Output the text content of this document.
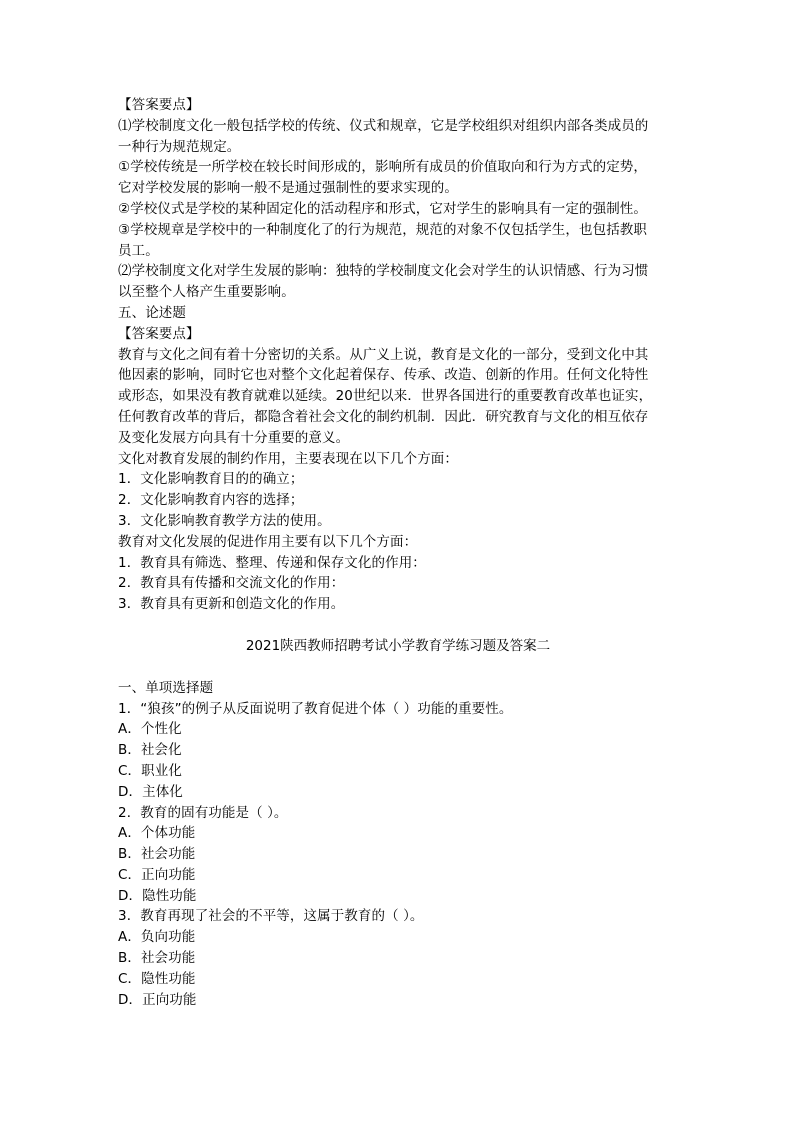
【答案要点】
⑴学校制度文化一般包括学校的传统、仪式和规章，它是学校组织对组织内部各类成员的
一种行为规范规定。
①学校传统是一所学校在较长时间形成的，影响所有成员的价值取向和行为方式的定势，
它对学校发展的影响一般不是通过强制性的要求实现的。
②学校仪式是学校的某种固定化的活动程序和形式，它对学生的影响具有一定的强制性。
③学校规章是学校中的一种制度化了的行为规范，规范的对象不仅包括学生，也包括教职
员工。
⑵学校制度文化对学生发展的影响：独特的学校制度文化会对学生的认识情感、行为习惯
以至整个人格产生重要影响。
五、论述题
【答案要点】
教育与文化之间有着十分密切的关系。从广义上说，教育是文化的一部分，受到文化中其
他因素的影响，同时它也对整个文化起着保存、传承、改造、创新的作用。任何文化特性
或形态，如果没有教育就难以延续。20世纪以来．世界各国进行的重要教育改革也证实，
任何教育改革的背后，都隐含着社会文化的制约机制．因此．研究教育与文化的相互依存
及变化发展方向具有十分重要的意义。
文化对教育发展的制约作用，主要表现在以下几个方面：
1．文化影响教育目的的确立；
2．文化影响教育内容的选择；
3．文化影响教育教学方法的使用。
教育对文化发展的促进作用主要有以下几个方面：
1．教育具有筛选、整理、传递和保存文化的作用：
2．教育具有传播和交流文化的作用：
3．教育具有更新和创造文化的作用。
2021陕西教师招聘考试小学教育学练习题及答案二
一、单项选择题
1．“狼孩”的例子从反面说明了教育促进个体（ ）功能的重要性。
A．个性化
B．社会化
C．职业化
D．主体化
2．教育的固有功能是（ ）。
A．个体功能
B．社会功能
C．正向功能
D．隐性功能
3．教育再现了社会的不平等，这属于教育的（ ）。
A．负向功能
B．社会功能
C．隐性功能
D．正向功能
